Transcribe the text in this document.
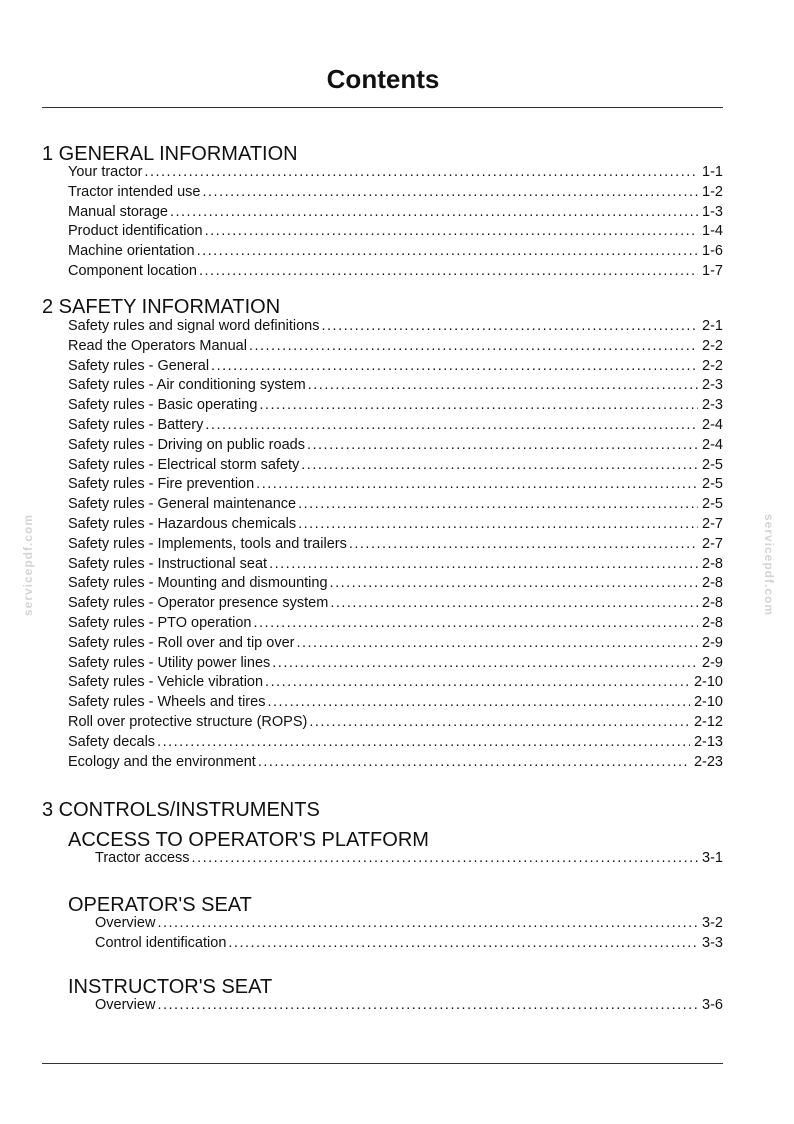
Contents
1 GENERAL INFORMATION
Your tractor .....	1-1
Tractor intended use .....	1-2
Manual storage .....	1-3
Product identification .....	1-4
Machine orientation .....	1-6
Component location .....	1-7
2 SAFETY INFORMATION
Safety rules and signal word definitions .....	2-1
Read the Operators Manual .....	2-2
Safety rules - General .....	2-2
Safety rules - Air conditioning system .....	2-3
Safety rules - Basic operating .....	2-3
Safety rules - Battery .....	2-4
Safety rules - Driving on public roads .....	2-4
Safety rules - Electrical storm safety .....	2-5
Safety rules - Fire prevention .....	2-5
Safety rules - General maintenance .....	2-5
Safety rules - Hazardous chemicals .....	2-7
Safety rules - Implements, tools and trailers .....	2-7
Safety rules - Instructional seat .....	2-8
Safety rules - Mounting and dismounting .....	2-8
Safety rules - Operator presence system .....	2-8
Safety rules - PTO operation .....	2-8
Safety rules - Roll over and tip over .....	2-9
Safety rules - Utility power lines .....	2-9
Safety rules - Vehicle vibration .....	2-10
Safety rules - Wheels and tires .....	2-10
Roll over protective structure (ROPS) .....	2-12
Safety decals .....	2-13
Ecology and the environment .....	2-23
3 CONTROLS/INSTRUMENTS
ACCESS TO OPERATOR'S PLATFORM
Tractor access .....	3-1
OPERATOR'S SEAT
Overview .....	3-2
Control identification .....	3-3
INSTRUCTOR'S SEAT
Overview .....	3-6
servicepdf.com	servicepdf.com
